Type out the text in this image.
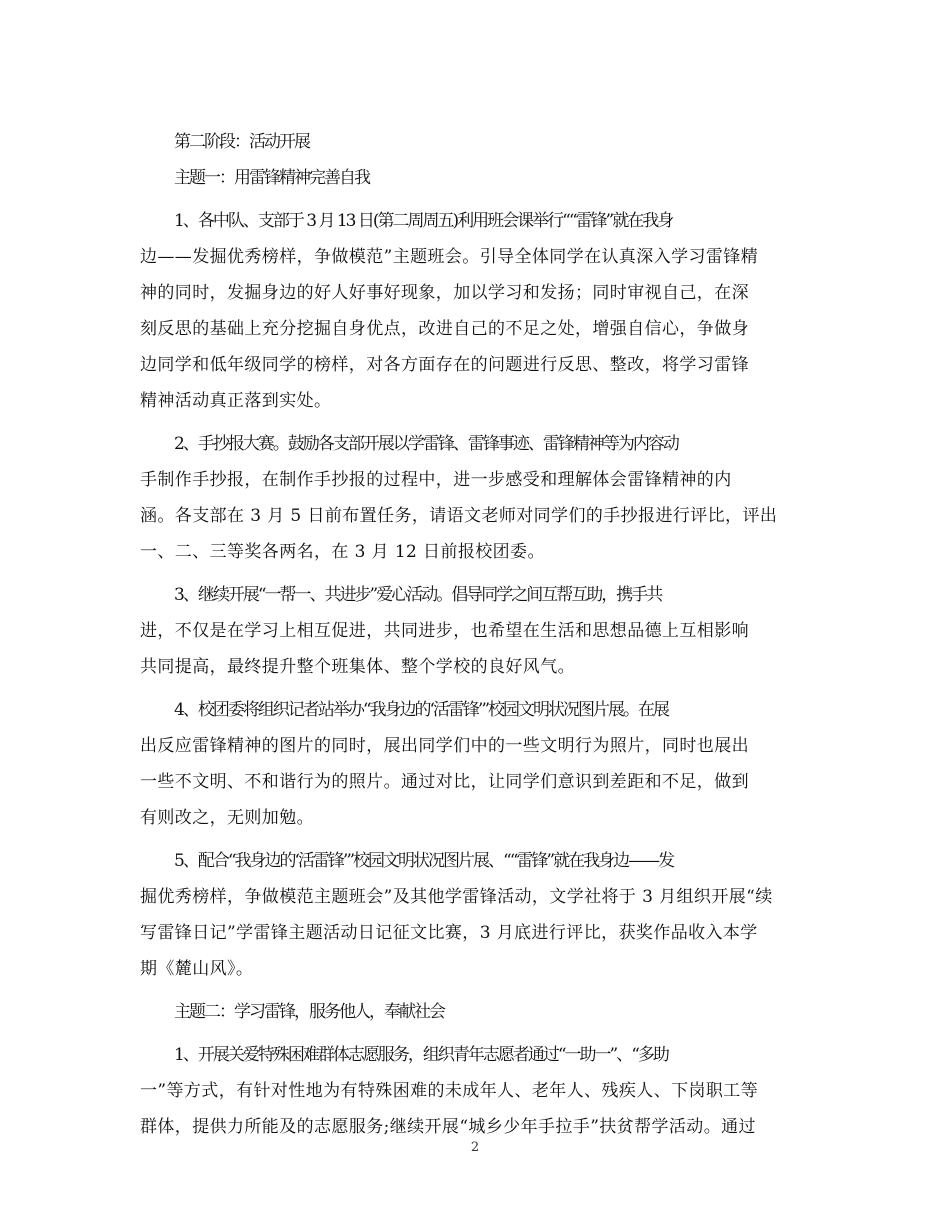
第二阶段：活动开展
主题一：用雷锋精神完善自我
1、各中队、支部于 3 月 13 日(第二周周五)利用班会课举行““雷锋”就在我身
边——发掘优秀榜样，争做模范”主题班会。引导全体同学在认真深入学习雷锋精
神的同时，发掘身边的好人好事好现象，加以学习和发扬；同时审视自己，在深
刻反思的基础上充分挖掘自身优点，改进自己的不足之处，增强自信心，争做身
边同学和低年级同学的榜样，对各方面存在的问题进行反思、整改，将学习雷锋
精神活动真正落到实处。
2、手抄报大赛。鼓励各支部开展以学雷锋、雷锋事迹、雷锋精神等为内容动
手制作手抄报，在制作手抄报的过程中，进一步感受和理解体会雷锋精神的内
涵。各支部在 3 月 5 日前布置任务，请语文老师对同学们的手抄报进行评比，评出
一、二、三等奖各两名，在 3 月 12 日前报校团委。
3、继续开展“一帮一、共进步”爱心活动。倡导同学之间互帮互助，携手共
进，不仅是在学习上相互促进，共同进步，也希望在生活和思想品德上互相影响
共同提高，最终提升整个班集体、整个学校的良好风气。
4、校团委将组织记者站举办“我身边的‘活雷锋’”校园文明状况图片展。在展
出反应雷锋精神的图片的同时，展出同学们中的一些文明行为照片，同时也展出
一些不文明、不和谐行为的照片。通过对比，让同学们意识到差距和不足，做到
有则改之，无则加勉。
5、配合“我身边的‘活雷锋’”校园文明状况图片展、““雷锋”就在我身边——发
掘优秀榜样，争做模范主题班会”及其他学雷锋活动，文学社将于 3 月组织开展“续
写雷锋日记”学雷锋主题活动日记征文比赛，3 月底进行评比，获奖作品收入本学
期《麓山风》。
主题二：学习雷锋，服务他人，奉献社会
1、开展关爱特殊困难群体志愿服务，组织青年志愿者通过“一助一”、“多助
一”等方式，有针对性地为有特殊困难的未成年人、老年人、残疾人、下岗职工等
群体，提供力所能及的志愿服务;继续开展“城乡少年手拉手”扶贫帮学活动。通过
2
